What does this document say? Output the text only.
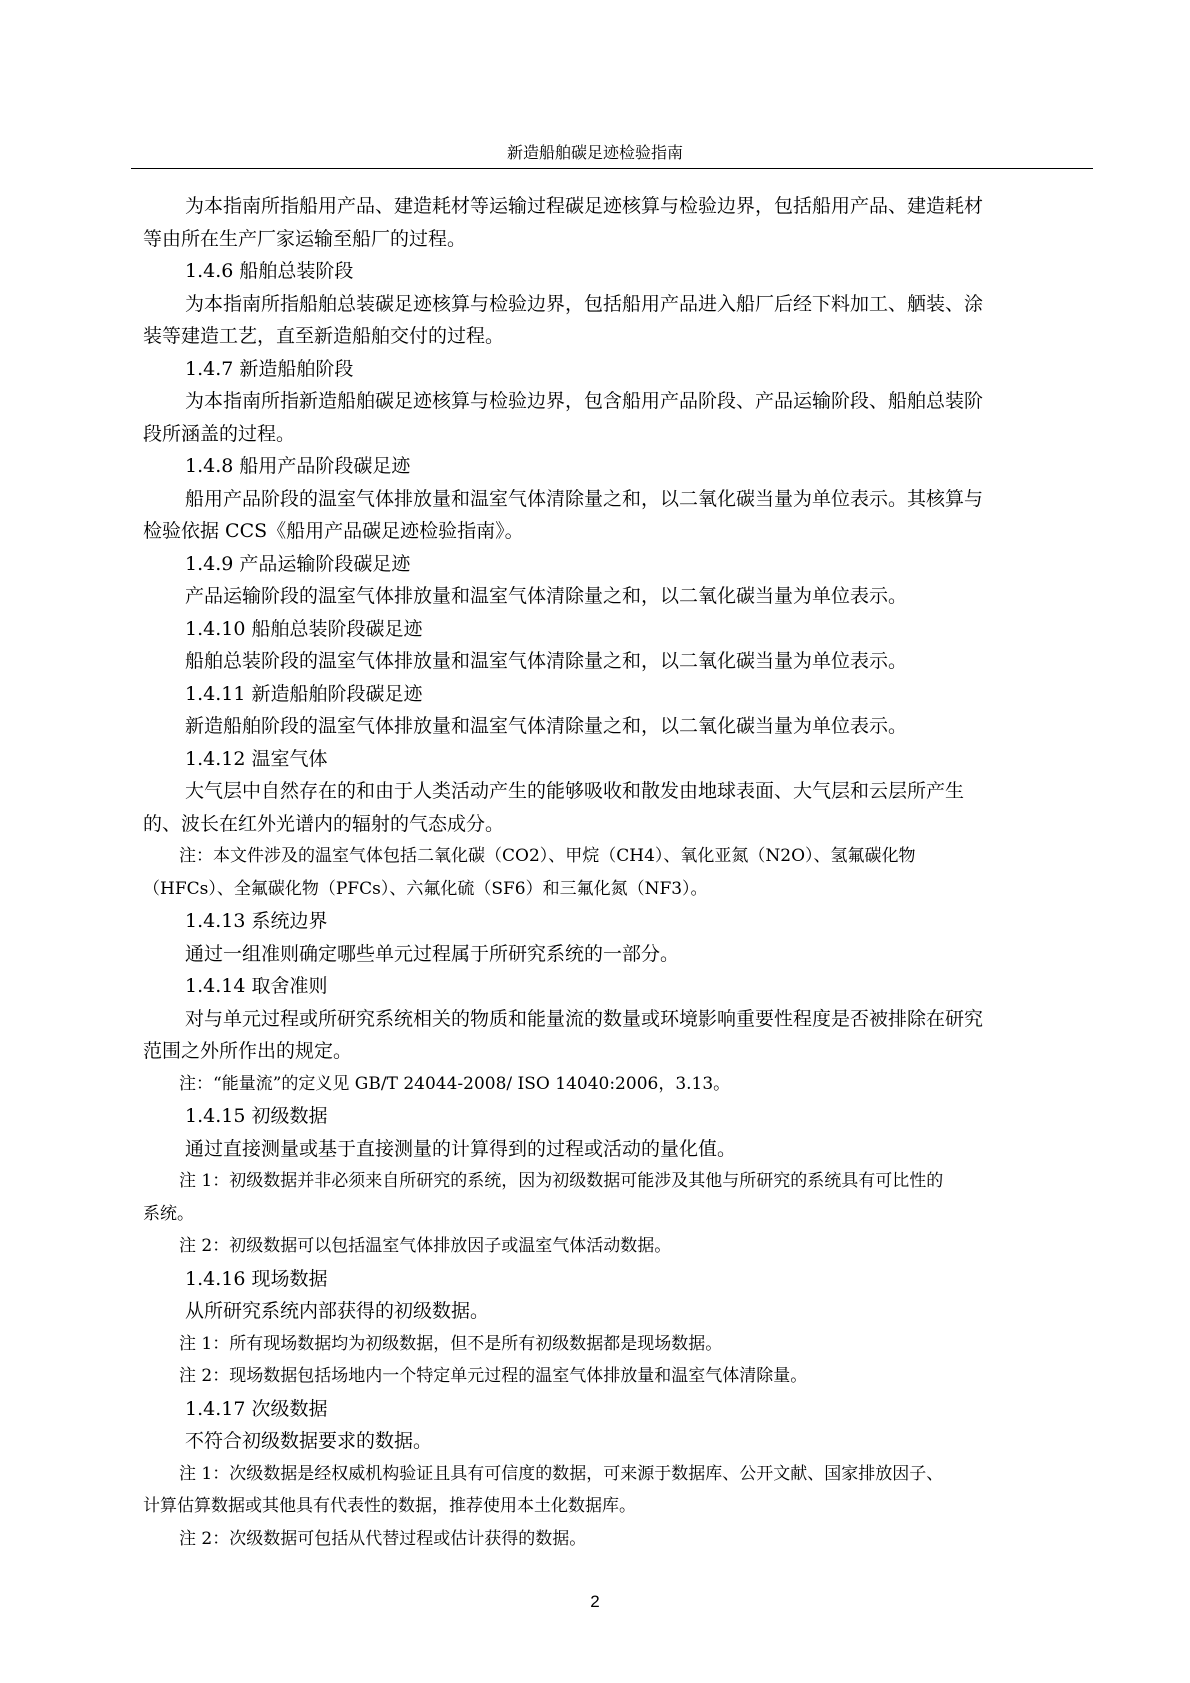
新造船舶碳足迹检验指南
为本指南所指船用产品、建造耗材等运输过程碳足迹核算与检验边界，包括船用产品、建造耗材
等由所在生产厂家运输至船厂的过程。
1.4.6 船舶总装阶段
为本指南所指船舶总装碳足迹核算与检验边界，包括船用产品进入船厂后经下料加工、舾装、涂
装等建造工艺，直至新造船舶交付的过程。
1.4.7 新造船舶阶段
为本指南所指新造船舶碳足迹核算与检验边界，包含船用产品阶段、产品运输阶段、船舶总装阶
段所涵盖的过程。
1.4.8 船用产品阶段碳足迹
船用产品阶段的温室气体排放量和温室气体清除量之和，以二氧化碳当量为单位表示。其核算与
检验依据 CCS《船用产品碳足迹检验指南》。
1.4.9 产品运输阶段碳足迹
产品运输阶段的温室气体排放量和温室气体清除量之和，以二氧化碳当量为单位表示。
1.4.10 船舶总装阶段碳足迹
船舶总装阶段的温室气体排放量和温室气体清除量之和，以二氧化碳当量为单位表示。
1.4.11 新造船舶阶段碳足迹
新造船舶阶段的温室气体排放量和温室气体清除量之和，以二氧化碳当量为单位表示。
1.4.12 温室气体
大气层中自然存在的和由于人类活动产生的能够吸收和散发由地球表面、大气层和云层所产生
的、波长在红外光谱内的辐射的气态成分。
注：本文件涉及的温室气体包括二氧化碳（CO2）、甲烷（CH4）、氧化亚氮（N2O）、氢氟碳化物
（HFCs）、全氟碳化物（PFCs）、六氟化硫（SF6）和三氟化氮（NF3）。
1.4.13 系统边界
通过一组准则确定哪些单元过程属于所研究系统的一部分。
1.4.14 取舍准则
对与单元过程或所研究系统相关的物质和能量流的数量或环境影响重要性程度是否被排除在研究
范围之外所作出的规定。
注：“能量流”的定义见 GB/T 24044-2008/ ISO 14040:2006，3.13。
1.4.15 初级数据
通过直接测量或基于直接测量的计算得到的过程或活动的量化值。
注 1：初级数据并非必须来自所研究的系统，因为初级数据可能涉及其他与所研究的系统具有可比性的
系统。
注 2：初级数据可以包括温室气体排放因子或温室气体活动数据。
1.4.16 现场数据
从所研究系统内部获得的初级数据。
注 1：所有现场数据均为初级数据，但不是所有初级数据都是现场数据。
注 2：现场数据包括场地内一个特定单元过程的温室气体排放量和温室气体清除量。
1.4.17 次级数据
不符合初级数据要求的数据。
注 1：次级数据是经权威机构验证且具有可信度的数据，可来源于数据库、公开文献、国家排放因子、
计算估算数据或其他具有代表性的数据，推荐使用本土化数据库。
注 2：次级数据可包括从代替过程或估计获得的数据。
2
